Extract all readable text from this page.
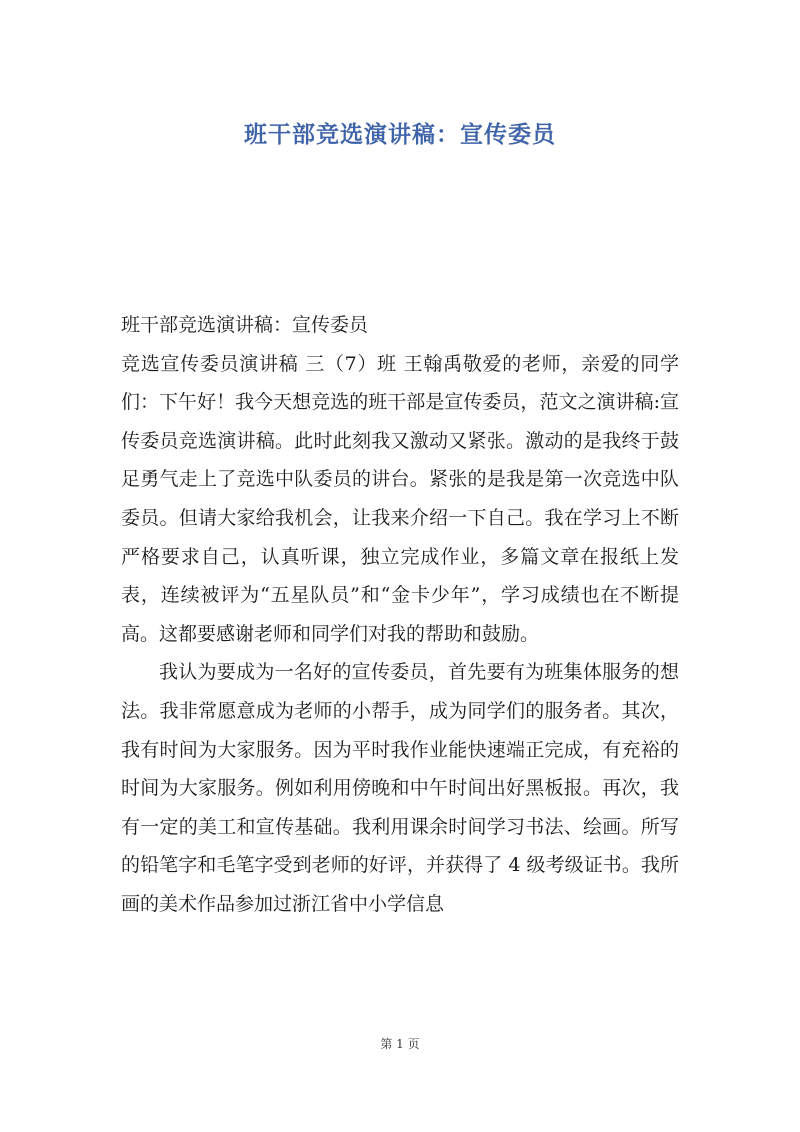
班干部竞选演讲稿：宣传委员

班干部竞选演讲稿：宣传委员

竞选宣传委员演讲稿 三（7）班 王翰禹敬爱的老师，亲爱的同学们：下午好！我今天想竞选的班干部是宣传委员，范文之演讲稿:宣传委员竞选演讲稿。此时此刻我又激动又紧张。激动的是我终于鼓足勇气走上了竞选中队委员的讲台。紧张的是我是第一次竞选中队委员。但请大家给我机会，让我来介绍一下自己。我在学习上不断严格要求自己，认真听课，独立完成作业，多篇文章在报纸上发表，连续被评为“五星队员”和“金卡少年”，学习成绩也在不断提高。这都要感谢老师和同学们对我的帮助和鼓励。

我认为要成为一名好的宣传委员，首先要有为班集体服务的想法。我非常愿意成为老师的小帮手，成为同学们的服务者。其次，我有时间为大家服务。因为平时我作业能快速端正完成，有充裕的时间为大家服务。例如利用傍晚和中午时间出好黑板报。再次，我有一定的美工和宣传基础。我利用课余时间学习书法、绘画。所写的铅笔字和毛笔字受到老师的好评，并获得了 4 级考级证书。我所画的美术作品参加过浙江省中小学信息

第 1 页
